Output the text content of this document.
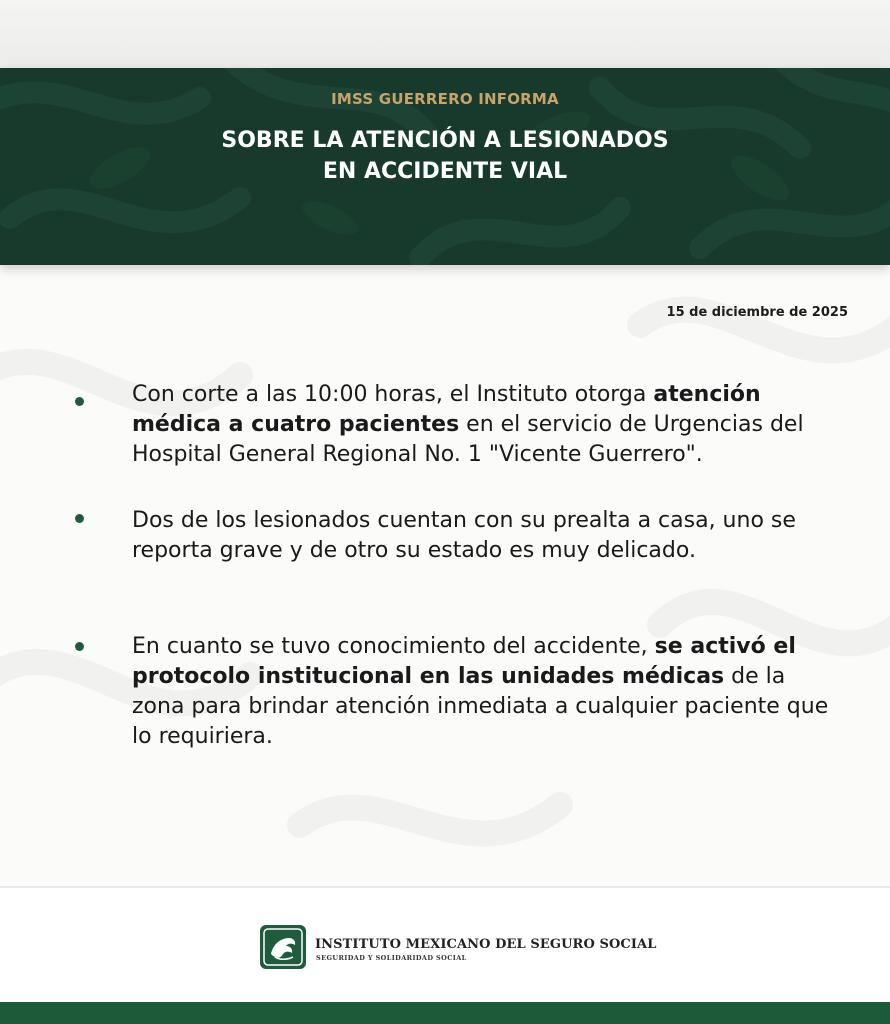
IMSS GUERRERO INFORMA
SOBRE LA ATENCIÓN A LESIONADOS
EN ACCIDENTE VIAL
15 de diciembre de 2025
Con corte a las 10:00 horas, el Instituto otorga atención médica a cuatro pacientes en el servicio de Urgencias del Hospital General Regional No. 1 "Vicente Guerrero".
Dos de los lesionados cuentan con su prealta a casa, uno se reporta grave y de otro su estado es muy delicado.
En cuanto se tuvo conocimiento del accidente, se activó el protocolo institucional en las unidades médicas de la zona para brindar atención inmediata a cualquier paciente que lo requiriera.
INSTITUTO MEXICANO DEL SEGURO SOCIAL
SEGURIDAD Y SOLIDARIDAD SOCIAL
